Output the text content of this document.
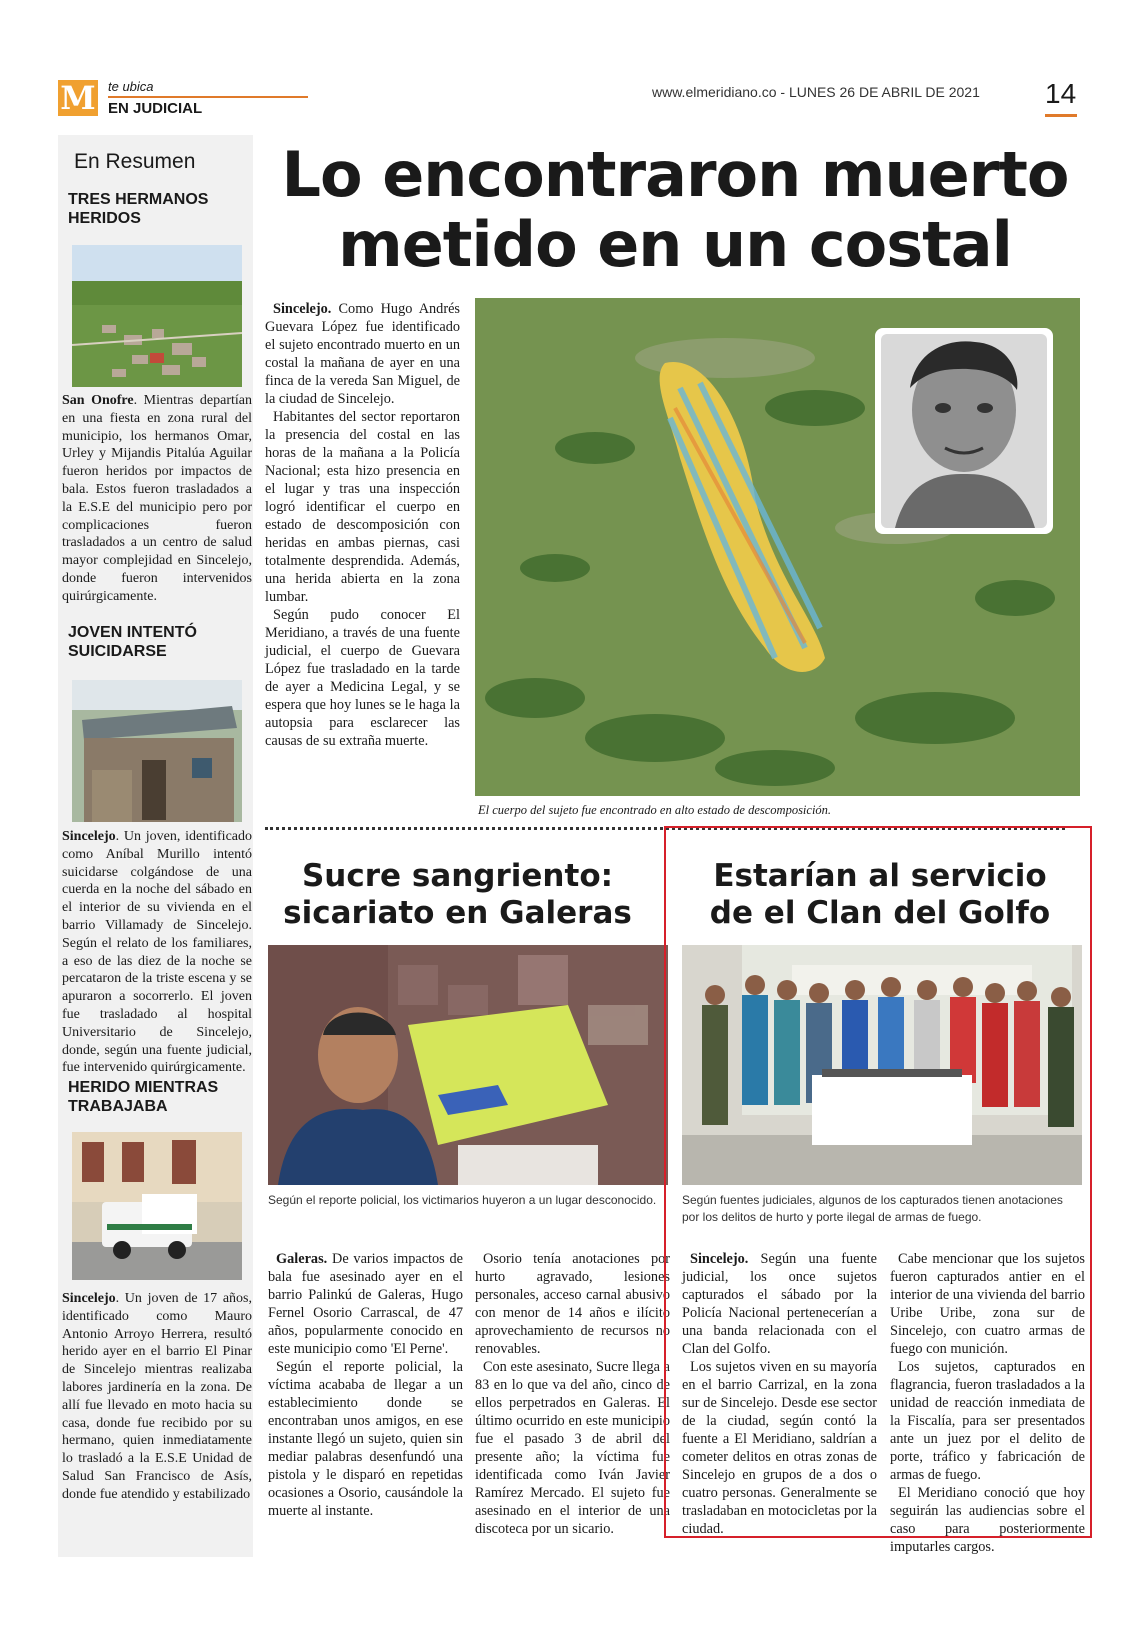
M te ubica
EN JUDICIAL
www.elmeridiano.co - LUNES 26 DE ABRIL DE 2021 14
En Resumen
TRES HERMANOS HERIDOS
San Onofre. Mientras departían en una fiesta en zona rural del municipio, los hermanos Omar, Urley y Mijandis Pitalúa Aguilar fueron heridos por impactos de bala. Estos fueron trasladados a la E.S.E del municipio pero por complicaciones fueron trasladados a un centro de salud mayor complejidad en Sincelejo, donde fueron intervenidos quirúrgicamente.
JOVEN INTENTÓ SUICIDARSE
Sincelejo. Un joven, identificado como Aníbal Murillo intentó suicidarse colgándose de una cuerda en la noche del sábado en el interior de su vivienda en el barrio Villamady de Sincelejo. Según el relato de los familiares, a eso de las diez de la noche se percataron de la triste escena y se apuraron a socorrerlo. El joven fue trasladado al hospital Universitario de Sincelejo, donde, según una fuente judicial, fue intervenido quirúrgicamente.
HERIDO MIENTRAS TRABAJABA
Sincelejo. Un joven de 17 años, identificado como Mauro Antonio Arroyo Herrera, resultó herido ayer en el barrio El Pinar de Sincelejo mientras realizaba labores jardinería en la zona. De allí fue llevado en moto hacia su casa, donde fue recibido por su hermano, quien inmediatamente lo trasladó a la E.S.E Unidad de Salud San Francisco de Asís, donde fue atendido y estabilizado
Lo encontraron muerto metido en un costal

Sincelejo. Como Hugo Andrés Guevara López fue identificado el sujeto encontrado muerto en un costal la mañana de ayer en una finca de la vereda San Miguel, de la ciudad de Sincelejo.

Habitantes del sector reportaron la presencia del costal en las horas de la mañana a la Policía Nacional; esta hizo presencia en el lugar y tras una inspección logró identificar el cuerpo en estado de descomposición con heridas en ambas piernas, casi totalmente desprendida. Además, una herida abierta en la zona lumbar.

Según pudo conocer El Meridiano, a través de una fuente judicial, el cuerpo de Guevara López fue trasladado en la tarde de ayer a Medicina Legal, y se espera que hoy lunes se le haga la autopsia para esclarecer las causas de su extraña muerte.

El cuerpo del sujeto fue encontrado en alto estado de descomposición.
Sucre sangriento: sicariato en Galeras
Según el reporte policial, los victimarios huyeron a un lugar desconocido.

Galeras. De varios impactos de bala fue asesinado ayer en el barrio Palinkú de Galeras, Hugo Fernel Osorio Carrascal, de 47 años, popularmente conocido en este municipio como 'El Perne'.

Según el reporte policial, la víctima acababa de llegar a un establecimiento donde se encontraban unos amigos, en ese instante llegó un sujeto, quien sin mediar palabras desenfundó una pistola y le disparó en repetidas ocasiones a Osorio, causándole la muerte al instante.

Osorio tenía anotaciones por hurto agravado, lesiones personales, acceso carnal abusivo con menor de 14 años e ilícito aprovechamiento de recursos no renovables.

Con este asesinato, Sucre llega a 83 en lo que va del año, cinco de ellos perpetrados en Galeras. El último ocurrido en este municipio fue el pasado 3 de abril del presente año; la víctima fue identificada como Iván Javier Ramírez Mercado. El sujeto fue asesinado en el interior de una discoteca por un sicario.

Estarían al servicio de el Clan del Golfo
Según fuentes judiciales, algunos de los capturados tienen anotaciones por los delitos de hurto y porte ilegal de armas de fuego.

Sincelejo. Según una fuente judicial, los once sujetos capturados el sábado por la Policía Nacional pertenecerían a una banda relacionada con el Clan del Golfo.

Los sujetos viven en su mayoría en el barrio Carrizal, en la zona sur de Sincelejo. Desde ese sector de la ciudad, según contó la fuente a El Meridiano, saldrían a cometer delitos en otras zonas de Sincelejo en grupos de a dos o cuatro personas. Generalmente se trasladaban en motocicletas por la ciudad.

Cabe mencionar que los sujetos fueron capturados antier en el interior de una vivienda del barrio Uribe Uribe, zona sur de Sincelejo, con cuatro armas de fuego con munición.

Los sujetos, capturados en flagrancia, fueron trasladados a la unidad de reacción inmediata de la Fiscalía, para ser presentados ante un juez por el delito de porte, tráfico y fabricación de armas de fuego.

El Meridiano conoció que hoy seguirán las audiencias sobre el caso para posteriormente imputarles cargos.
